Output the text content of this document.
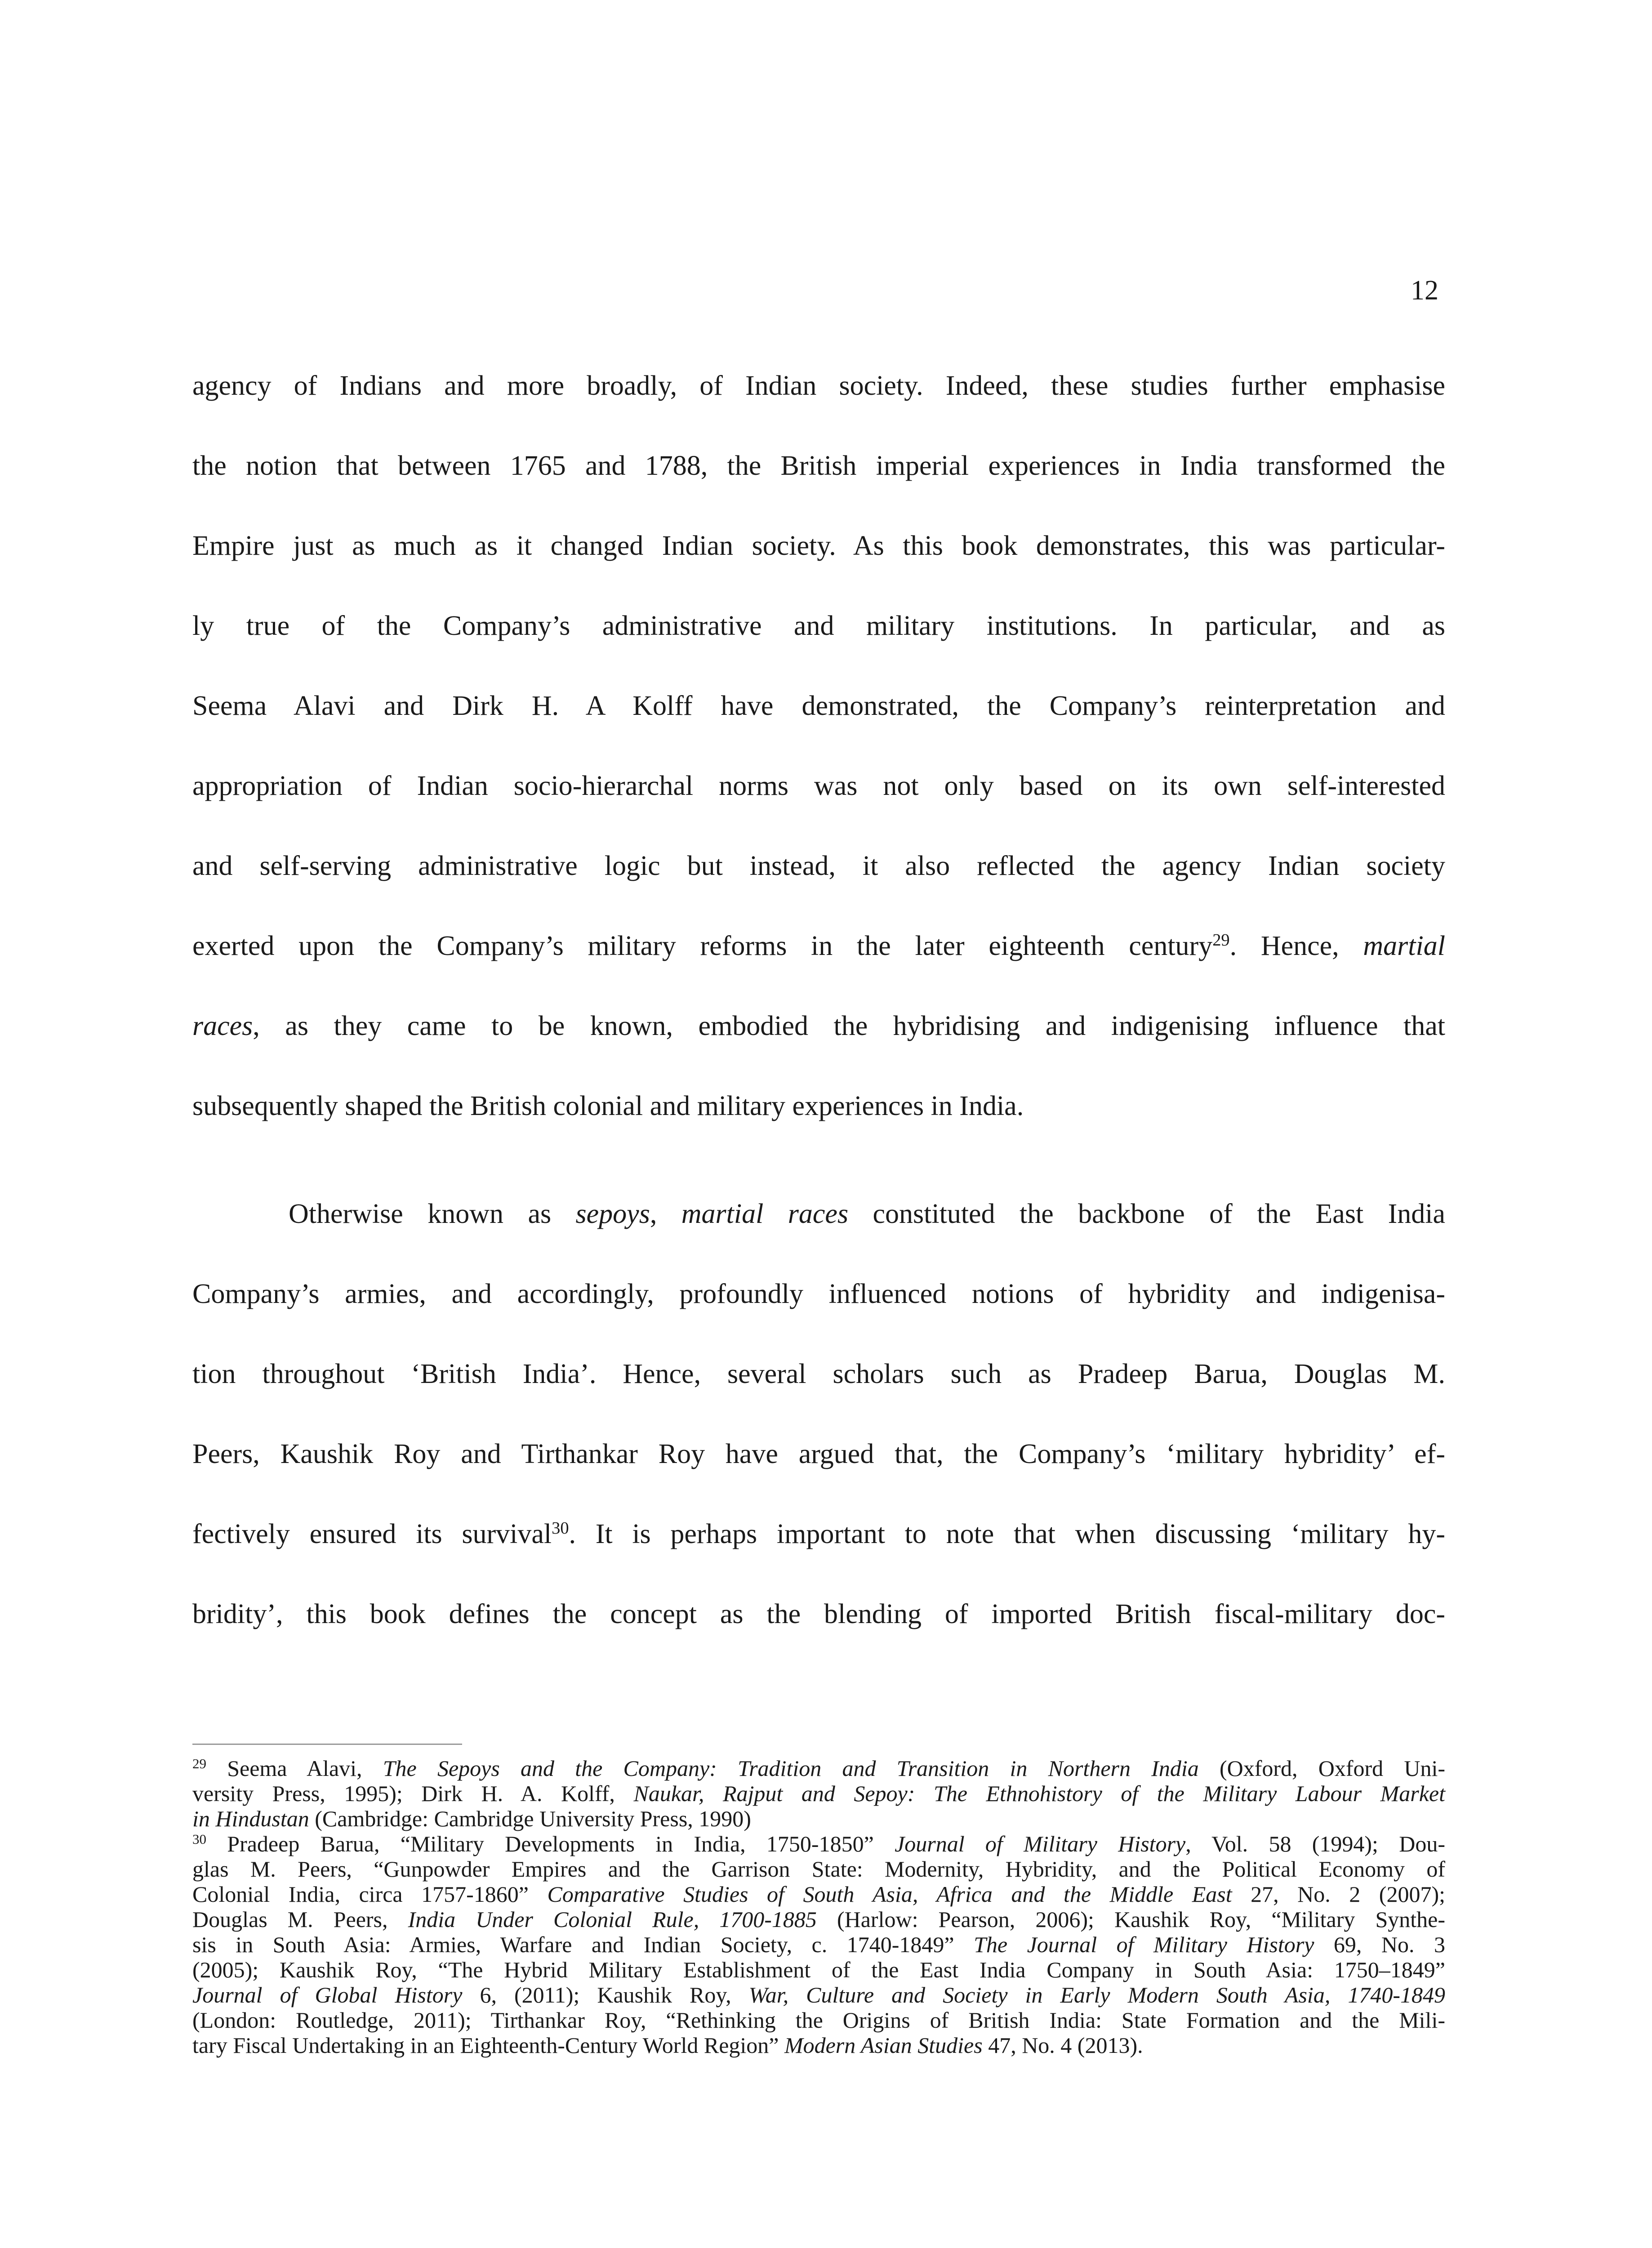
12
agency of Indians and more broadly, of Indian society. Indeed, these studies further emphasise
the notion that between 1765 and 1788, the British imperial experiences in India transformed the
Empire just as much as it changed Indian society. As this book demonstrates, this was particular-
ly true of the Company’s administrative and military institutions. In particular, and as
Seema Alavi and Dirk H. A Kolff have demonstrated, the Company’s reinterpretation and
appropriation of Indian socio-hierarchal norms was not only based on its own self-interested
and self-serving administrative logic but instead, it also reflected the agency Indian society
exerted upon the Company’s military reforms in the later eighteenth century$^{29}$. Hence, martial
races, as they came to be known, embodied the hybridising and indigenising influence that
subsequently shaped the British colonial and military experiences in India.
Otherwise known as sepoys, martial races constituted the backbone of the East India
Company’s armies, and accordingly, profoundly influenced notions of hybridity and indigenisa-
tion throughout ‘British India’. Hence, several scholars such as Pradeep Barua, Douglas M.
Peers, Kaushik Roy and Tirthankar Roy have argued that, the Company’s ‘military hybridity’ ef-
fectively ensured its survival$^{30}$. It is perhaps important to note that when discussing ‘military hy-
bridity’, this book defines the concept as the blending of imported British fiscal-military doc-
$^{29}$ Seema Alavi, The Sepoys and the Company: Tradition and Transition in Northern India (Oxford, Oxford Uni-
versity Press, 1995); Dirk H. A. Kolff, Naukar, Rajput and Sepoy: The Ethnohistory of the Military Labour Market
in Hindustan (Cambridge: Cambridge University Press, 1990)
$^{30}$ Pradeep Barua, “Military Developments in India, 1750-1850” Journal of Military History, Vol. 58 (1994); Dou-
glas M. Peers, “Gunpowder Empires and the Garrison State: Modernity, Hybridity, and the Political Economy of
Colonial India, circa 1757-1860” Comparative Studies of South Asia, Africa and the Middle East 27, No. 2 (2007);
Douglas M. Peers, India Under Colonial Rule, 1700-1885 (Harlow: Pearson, 2006); Kaushik Roy, “Military Synthe-
sis in South Asia: Armies, Warfare and Indian Society, c. 1740-1849” The Journal of Military History 69, No. 3
(2005); Kaushik Roy, “The Hybrid Military Establishment of the East India Company in South Asia: 1750–1849”
Journal of Global History 6, (2011); Kaushik Roy, War, Culture and Society in Early Modern South Asia, 1740-1849
(London: Routledge, 2011); Tirthankar Roy, “Rethinking the Origins of British India: State Formation and the Mili-
tary Fiscal Undertaking in an Eighteenth-Century World Region” Modern Asian Studies 47, No. 4 (2013).
